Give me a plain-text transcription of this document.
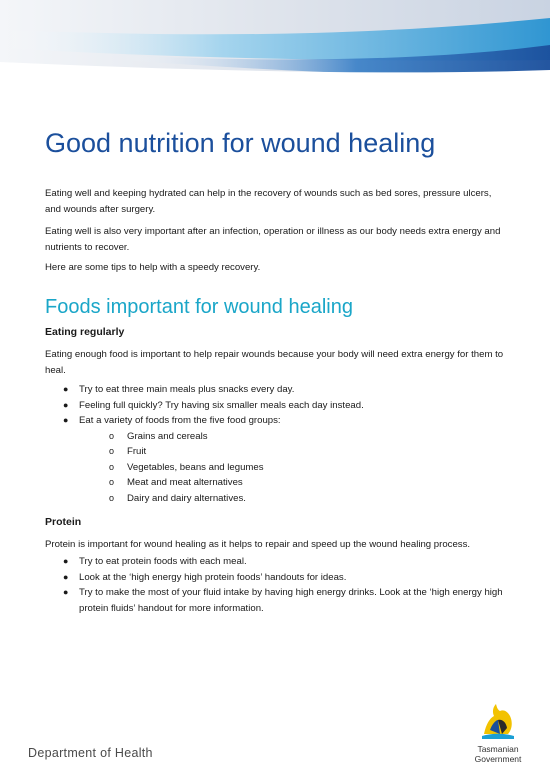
Good nutrition for wound healing

Eating well and keeping hydrated can help in the recovery of wounds such as bed sores, pressure ulcers, and wounds after surgery.

Eating well is also very important after an infection, operation or illness as our body needs extra energy and nutrients to recover.

Here are some tips to help with a speedy recovery.

Foods important for wound healing
Eating regularly

Eating enough food is important to help repair wounds because your body will need extra energy for them to heal.

● Try to eat three main meals plus snacks every day.
● Feeling full quickly? Try having six smaller meals each day instead.
● Eat a variety of foods from the five food groups:
o Grains and cereals
o Fruit
o Vegetables, beans and legumes
o Meat and meat alternatives
o Dairy and dairy alternatives.
Protein

Protein is important for wound healing as it helps to repair and speed up the wound healing process.

● Try to eat protein foods with each meal.
● Look at the ‘high energy high protein foods’ handouts for ideas.
● Try to make the most of your fluid intake by having high energy drinks. Look at the ‘high energy high protein fluids’ handout for more information.

Department of Health	Tasmanian
Government
